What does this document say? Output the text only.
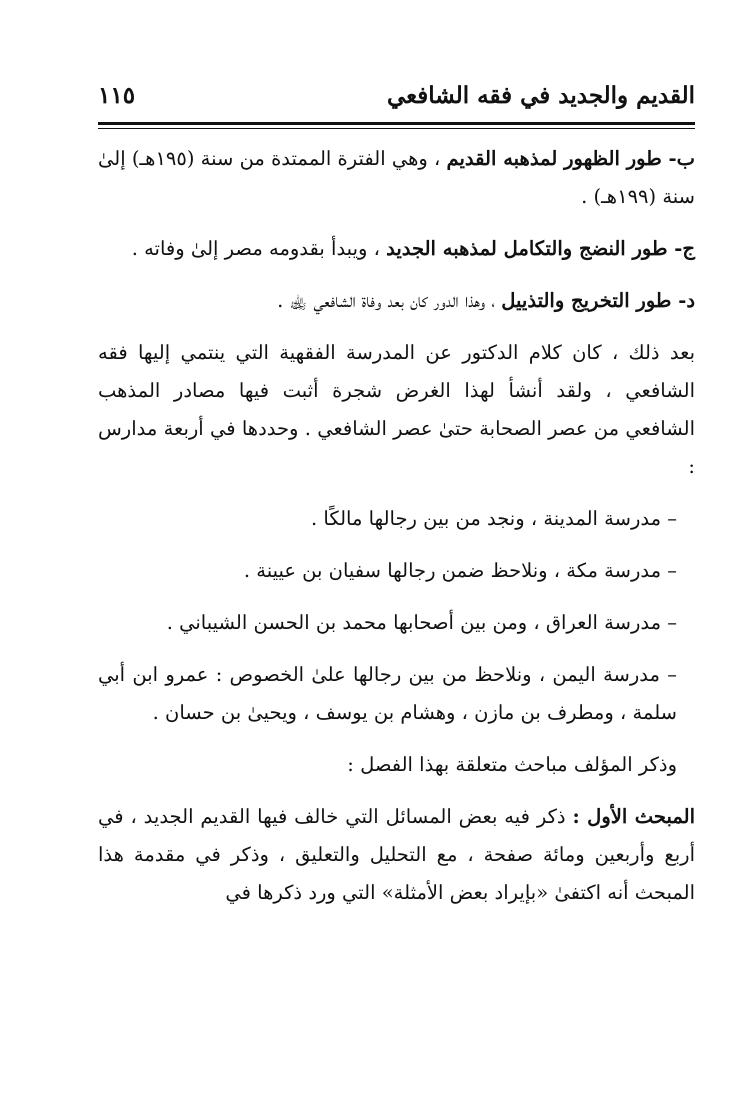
القديم والجديد في فقه الشافعي
١١٥

ب- طور الظهور لمذهبه القديم ، وهي الفترة الممتدة من سنة (١٩٥هـ) إلىٰ سنة (١٩٩هـ) .

ج- طور النضج والتكامل لمذهبه الجديد ، ويبدأ بقدومه مصر إلىٰ وفاته .

د- طور التخريج والتذييل ، وهذا الدور كان بعد وفاة الشافعي ﵀ .

بعد ذلك ، كان كلام الدكتور عن المدرسة الفقهية التي ينتمي إليها فقه الشافعي ، ولقد أنشأ لهذا الغرض شجرة أثبت فيها مصادر المذهب الشافعي من عصر الصحابة حتىٰ عصر الشافعي . وحددها في أربعة مدارس :

– مدرسة المدينة ، ونجد من بين رجالها مالكًا .

– مدرسة مكة ، ونلاحظ ضمن رجالها سفيان بن عيينة .

– مدرسة العراق ، ومن بين أصحابها محمد بن الحسن الشيباني .

– مدرسة اليمن ، ونلاحظ من بين رجالها علىٰ الخصوص : عمرو ابن أبي سلمة ، ومطرف بن مازن ، وهشام بن يوسف ، ويحيىٰ بن حسان .

وذكر المؤلف مباحث متعلقة بهذا الفصل :

المبحث الأول : ذكر فيه بعض المسائل التي خالف فيها القديم الجديد ، في أربع وأربعين ومائة صفحة ، مع التحليل والتعليق ، وذكر في مقدمة هذا المبحث أنه اكتفىٰ «بإيراد بعض الأمثلة» التي ورد ذكرها في
